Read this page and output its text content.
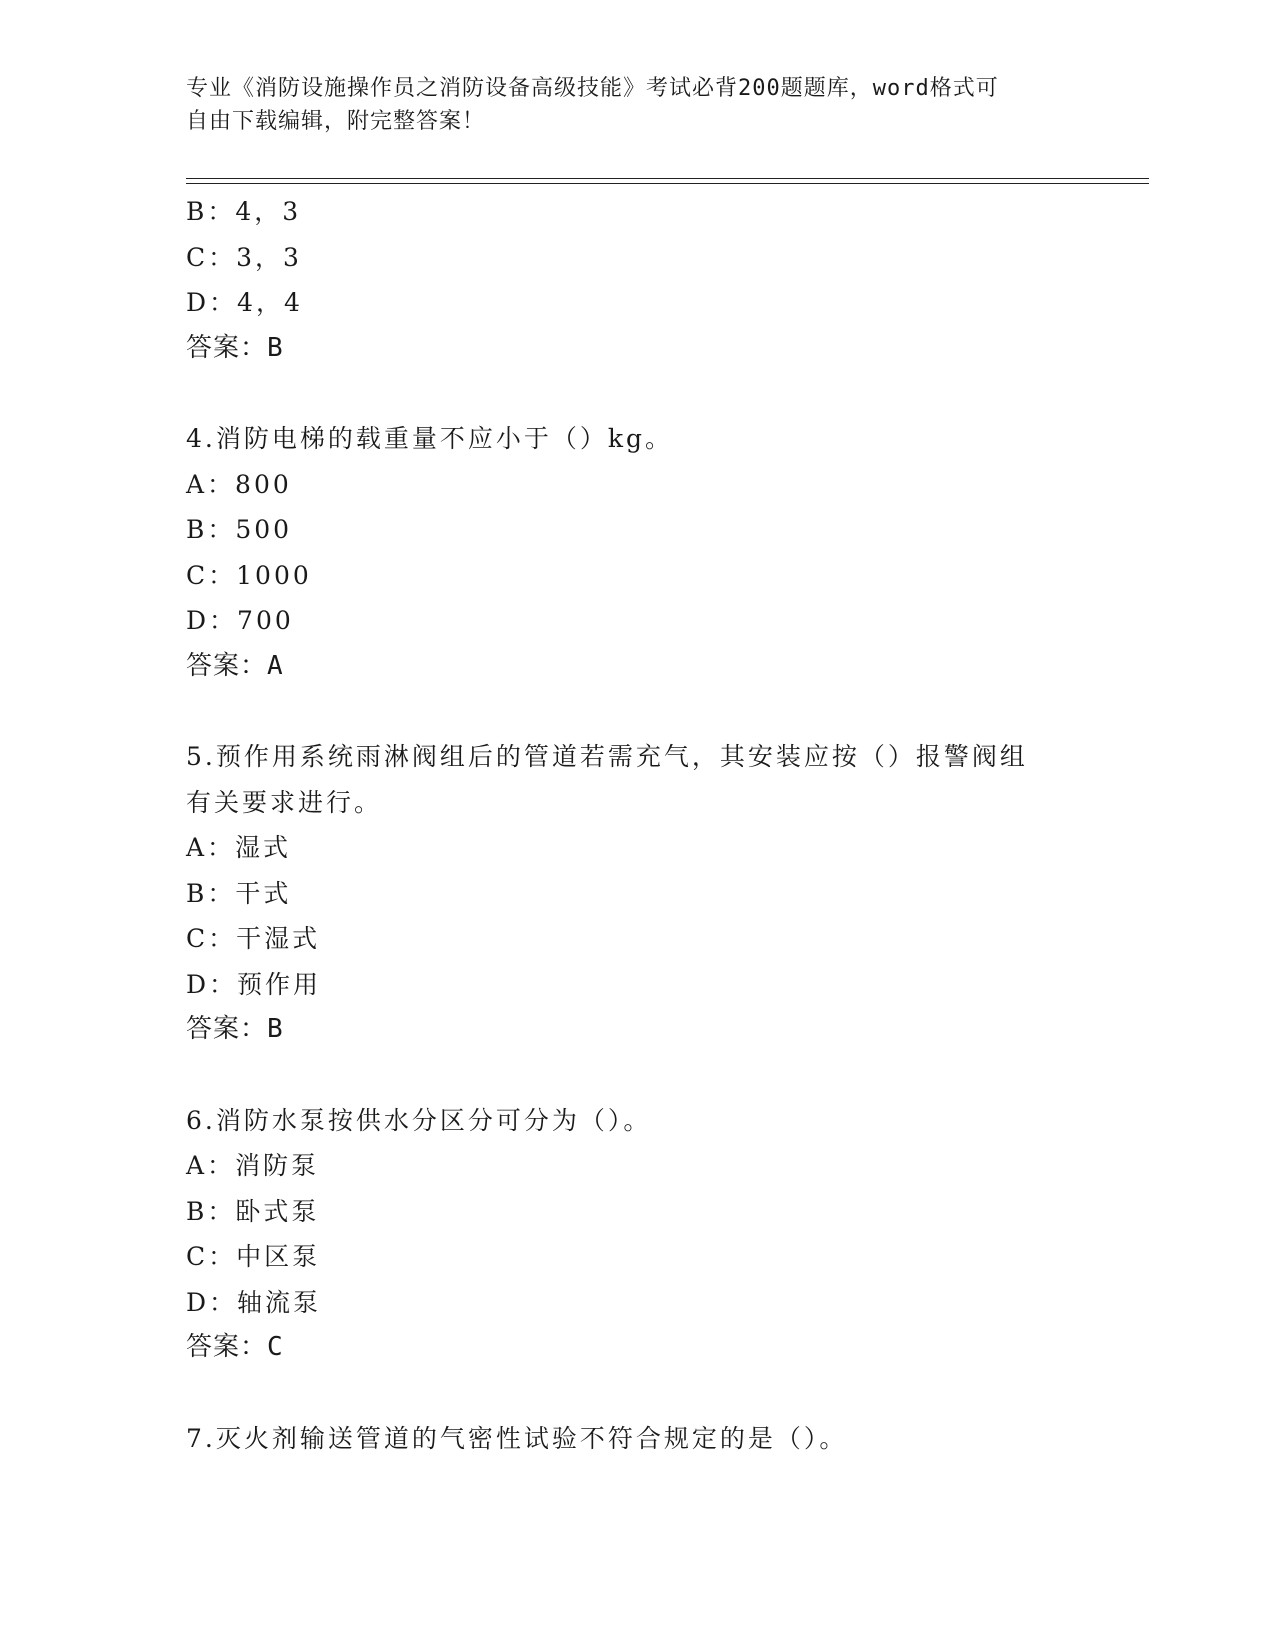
专业《消防设施操作员之消防设备高级技能》考试必背200题题库，word格式可
自由下载编辑，附完整答案！
B：4，3
C：3，3
D：4，4
答案：B
4.消防电梯的载重量不应小于（）kg。
A：800
B：500
C：1000
D：700
答案：A
5.预作用系统雨淋阀组后的管道若需充气，其安装应按（）报警阀组
有关要求进行。
A：湿式
B：干式
C：干湿式
D：预作用
答案：B
6.消防水泵按供水分区分可分为（）。
A：消防泵
B：卧式泵
C：中区泵
D：轴流泵
答案：C
7.灭火剂输送管道的气密性试验不符合规定的是（）。
